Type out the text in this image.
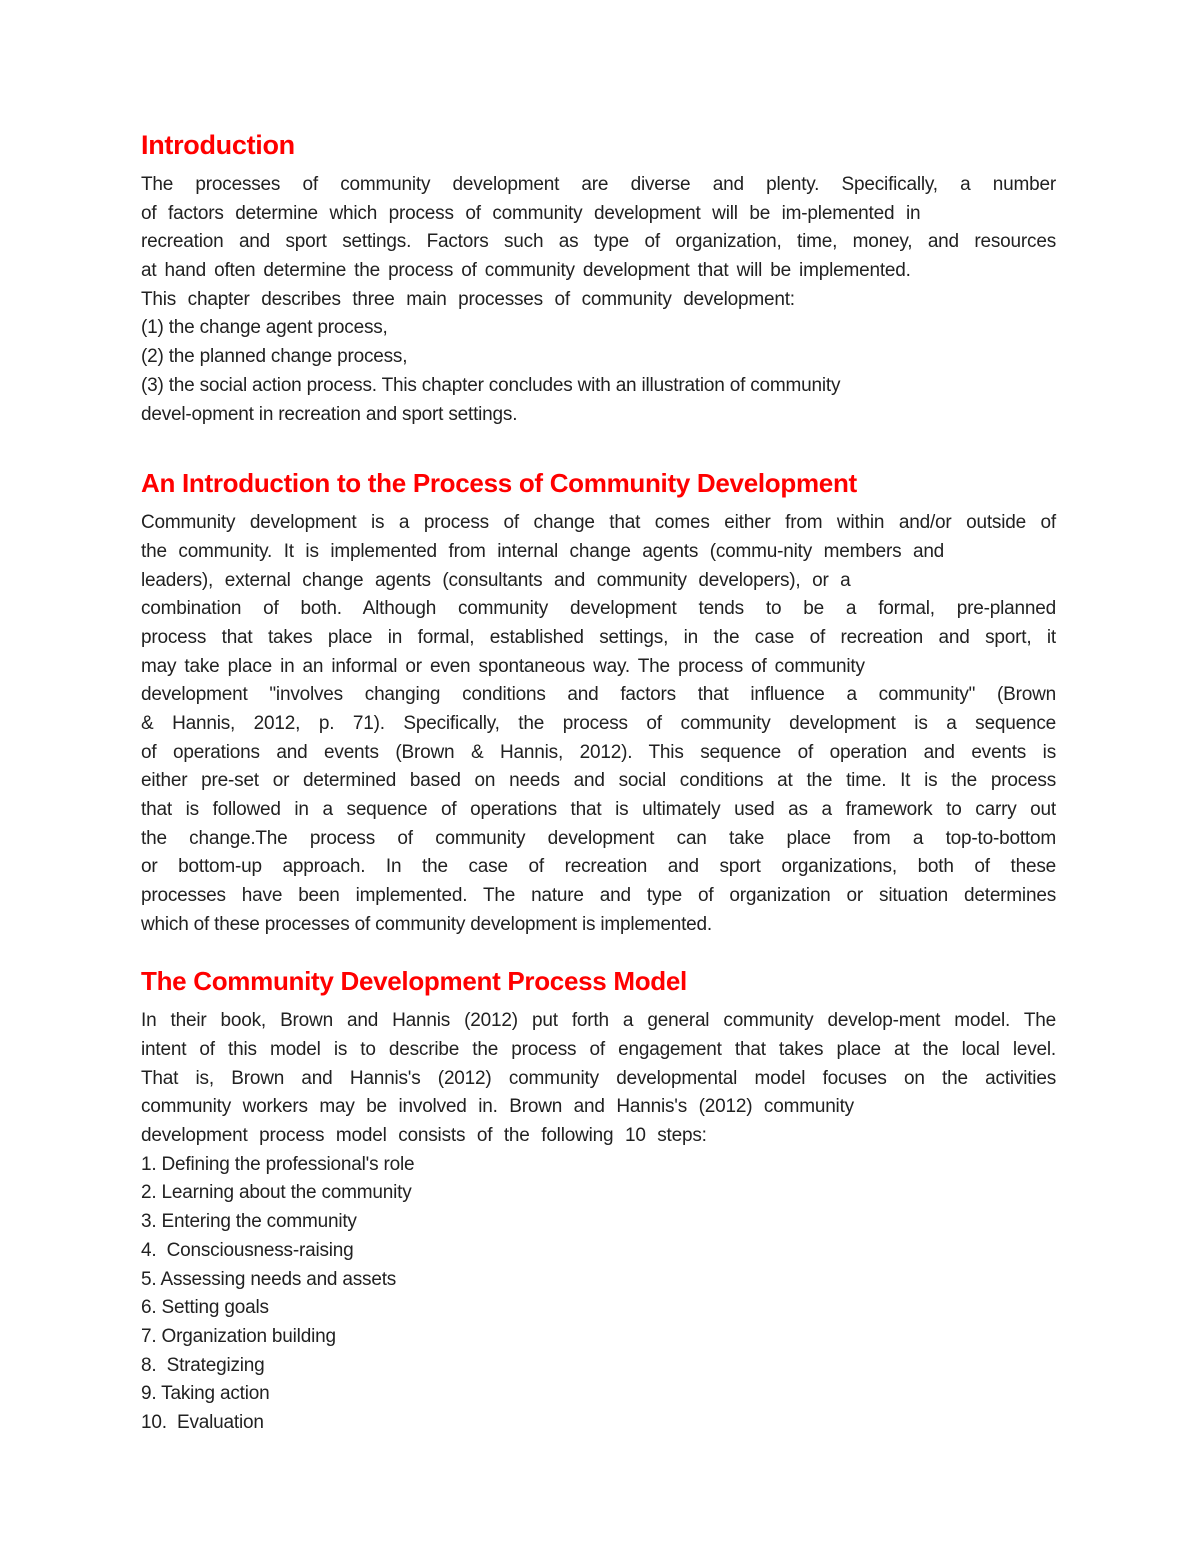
Introduction
The processes of community development are diverse and plenty. Specifically, a number
of factors determine which process of community development will be im-plemented in
recreation and sport settings. Factors such as type of organization, time, money, and resources
at hand often determine the process of community development that will be implemented.
This chapter describes three main processes of community development:
(1) the change agent process,
(2) the planned change process,
(3) the social action process. This chapter concludes with an illustration of community
devel-opment in recreation and sport settings.
An Introduction to the Process of Community Development
Community development is a process of change that comes either from within and/or outside of
the community. It is implemented from internal change agents (commu-nity members and
leaders), external change agents (consultants and community developers), or a
combination of both. Although community development tends to be a formal, pre-planned
process that takes place in formal, established settings, in the case of recreation and sport, it
may take place in an informal or even spontaneous way. The process of community
development "involves changing conditions and factors that influence a community" (Brown
& Hannis, 2012, p. 71). Specifically, the process of community development is a sequence
of operations and events (Brown & Hannis, 2012). This sequence of operation and events is
either pre-set or determined based on needs and social conditions at the time. It is the process
that is followed in a sequence of operations that is ultimately used as a framework to carry out
the change.The process of community development can take place from a top-to-bottom
or bottom-up approach. In the case of recreation and sport organizations, both of these
processes have been implemented. The nature and type of organization or situation determines
which of these processes of community development is implemented.
The Community Development Process Model
In their book, Brown and Hannis (2012) put forth a general community develop-ment model. The
intent of this model is to describe the process of engagement that takes place at the local level.
That is, Brown and Hannis's (2012) community developmental model focuses on the activities
community workers may be involved in. Brown and Hannis's (2012) community
development process model consists of the following 10 steps:
1. Defining the professional's role
2. Learning about the community
3. Entering the community
4.  Consciousness-raising
5. Assessing needs and assets
6. Setting goals
7. Organization building
8.  Strategizing
9. Taking action
10.  Evaluation
